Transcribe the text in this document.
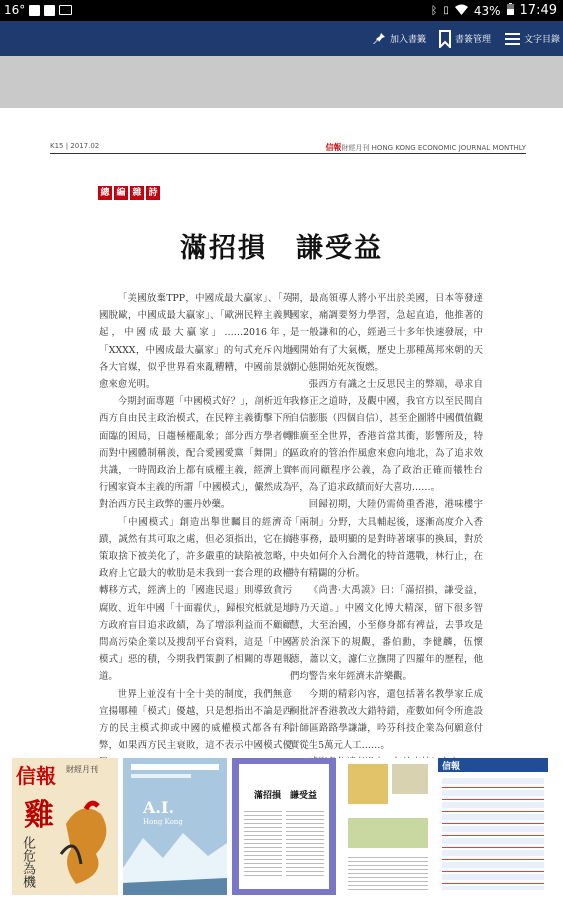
16°	ᛒ ▯ 43% 17:49
加入書籤	書簽管理	文字目錄
K15 | 2017.02	信報財經月刊 HONG KONG ECONOMIC JOURNAL MONTHLY
總 編 雜 詩
滿招損　謙受益

「美國放棄TPP，中國成最大贏家」、「英國脫歐，中國成最大贏家」、「歐洲民粹主義興起，中國成最大贏家」……2016年，「XXXX，中國成最大贏家」的句式充斥內地各大官媒，似乎世界看來亂糟糟，中國前景就愈來愈光明。

今期封面專題「中國模式好？」，剖析近年西方自由民主政治模式，在民粹主義衝擊下所面臨的困局，日趨極權亂象；部分西方學者轉而對中國體制稱羨，配合愛國愛黨「舞開」的共識，一時間政治上都有威權主義，經濟上實行國家資本主義的所謂「中國模式」，儼然成為對治西方民主政弊的靈丹妙藥。

「中國模式」創造出舉世矚目的經濟奇蹟，誠然有其可取之處，但必須指出，它在搞策取捨下被美化了，許多嚴重的缺陷被忽略，政府上它最大的軟肋是未我到一套合理的政權轉移方式，經濟上的「國進民退」則導致貪污腐敗、近年中國「十面霾伏」，歸根究柢就是地方政府盲目追求政績，為了增添利益而不顧顧問高污染企業以及搜刮平台資料，這是「中國模式」惡的積，今期我們策劃了相關的專題報道。

世界上並沒有十全十美的制度，我們無意宣揚哪種「模式」優越，只是想指出不論是西方的民主模式抑或中國的威權模式都各有利弊，如果西方民主衰敗，這不表示中國模式優

開，最高領導人將小平出於美國，日本等發達國家，痛調要努力學習，急起直追，他推著的是一般謙和的心，經過三十多年快速發展，中國開始有了大氣概，歷史上那種萬邦來朝的天朝心態開始死灰復燃。

張西方有識之士反思民主的弊端，尋求自我修正之道時，及觀中國，我官方以至民間自自信膨脹（四個自信），甚至企圖將中國價值觀推廣至全世界，香港首當其衝，影響所及，特區政府的管治作風愈來愈向地北，為了追求效率而同顧程序公義，為了政治正確而犧牲台平，為了追求政績而好大喜功……。

回歸初期，大陸仍需倚重香港，港味樓宇「兩制」分野，大具輔起後，逐漸高度介入香港事務，最明顯的是對時著壞事的換屆，對於中央如何介入台灣化的特首選戰，林行止，在特有精闢的分析。

《尚書·大禹謨》曰：「滿招損，謙受益，時乃天道。」中國文化博大精深，留下很多智慧，大至治國，小至修身都有裨益，去爭攻是著於治深下的規觀，番伯勳，李健麟，伍懷德，蕭以文，濾仁立撫開了四羅年的歷程，他們均警告來年經濟未許樂觀。

今期的精彩內容，還包括著名教學家丘成桐批評香港教改大錯特錯，產數如何令所進設計師區路路學謙謙，吟芬科技企業為何願意付實從生5萬元人工……。

信報 財經月刊
雞
化危為機
A.I.
Hong Kong
滿招損　謙受益
信報
